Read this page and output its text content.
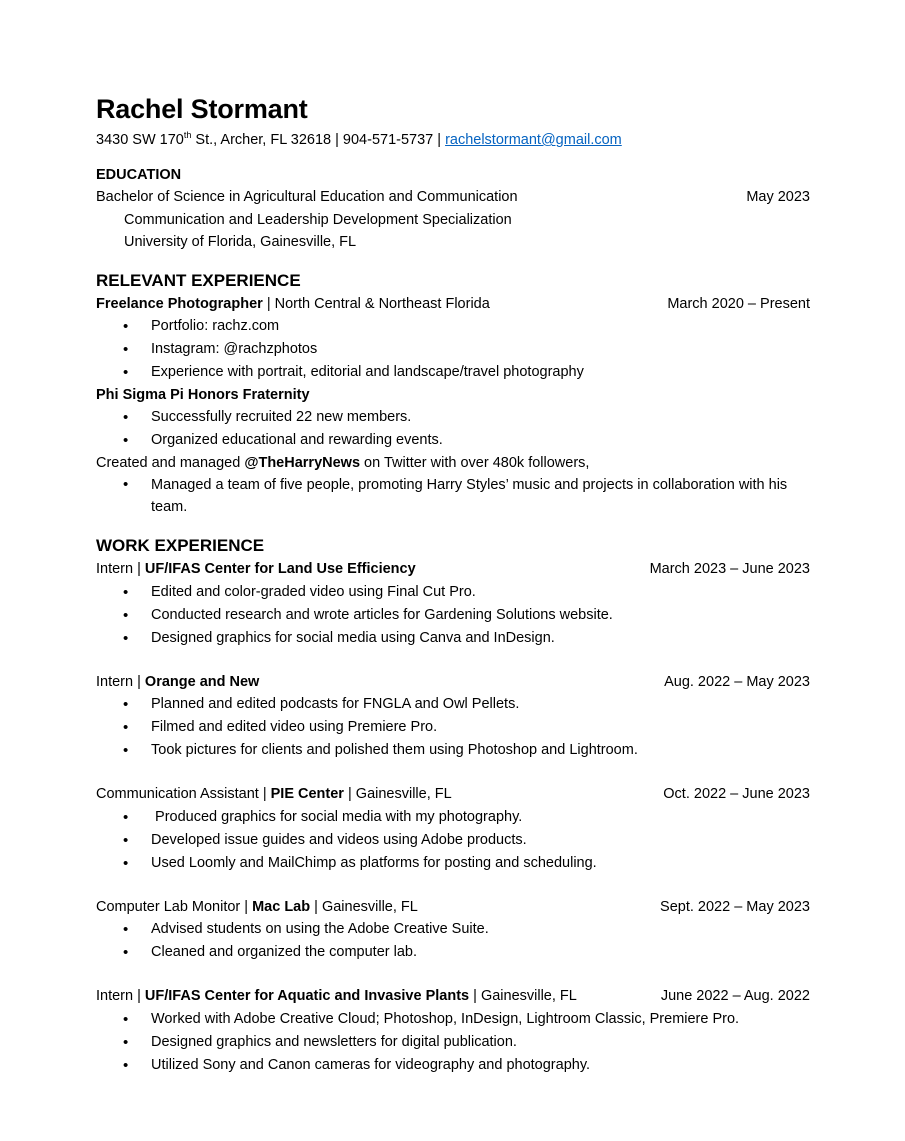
Rachel Stormant
3430 SW 170th St., Archer, FL 32618 | 904-571-5737 | rachelstormant@gmail.com
EDUCATION
Bachelor of Science in Agricultural Education and Communication	May 2023
Communication and Leadership Development Specialization
University of Florida, Gainesville, FL
RELEVANT EXPERIENCE
Freelance Photographer | North Central & Northeast Florida	March 2020 – Present
• Portfolio: rachz.com
• Instagram: @rachzphotos
• Experience with portrait, editorial and landscape/travel photography
Phi Sigma Pi Honors Fraternity
• Successfully recruited 22 new members.
• Organized educational and rewarding events.
Created and managed @TheHarryNews on Twitter with over 480k followers,
• Managed a team of five people, promoting Harry Styles’ music and projects in collaboration with his team.
WORK EXPERIENCE
Intern | UF/IFAS Center for Land Use Efficiency	March 2023 – June 2023
• Edited and color-graded video using Final Cut Pro.
• Conducted research and wrote articles for Gardening Solutions website.
• Designed graphics for social media using Canva and InDesign.
Intern | Orange and New	Aug. 2022 – May 2023
• Planned and edited podcasts for FNGLA and Owl Pellets.
• Filmed and edited video using Premiere Pro.
• Took pictures for clients and polished them using Photoshop and Lightroom.
Communication Assistant | PIE Center | Gainesville, FL	Oct. 2022 – June 2023
•  Produced graphics for social media with my photography.
• Developed issue guides and videos using Adobe products.
• Used Loomly and MailChimp as platforms for posting and scheduling.
Computer Lab Monitor | Mac Lab | Gainesville, FL	Sept. 2022 – May 2023
• Advised students on using the Adobe Creative Suite.
• Cleaned and organized the computer lab.
Intern | UF/IFAS Center for Aquatic and Invasive Plants | Gainesville, FL	June 2022 – Aug. 2022
• Worked with Adobe Creative Cloud; Photoshop, InDesign, Lightroom Classic, Premiere Pro.
• Designed graphics and newsletters for digital publication.
• Utilized Sony and Canon cameras for videography and photography.
